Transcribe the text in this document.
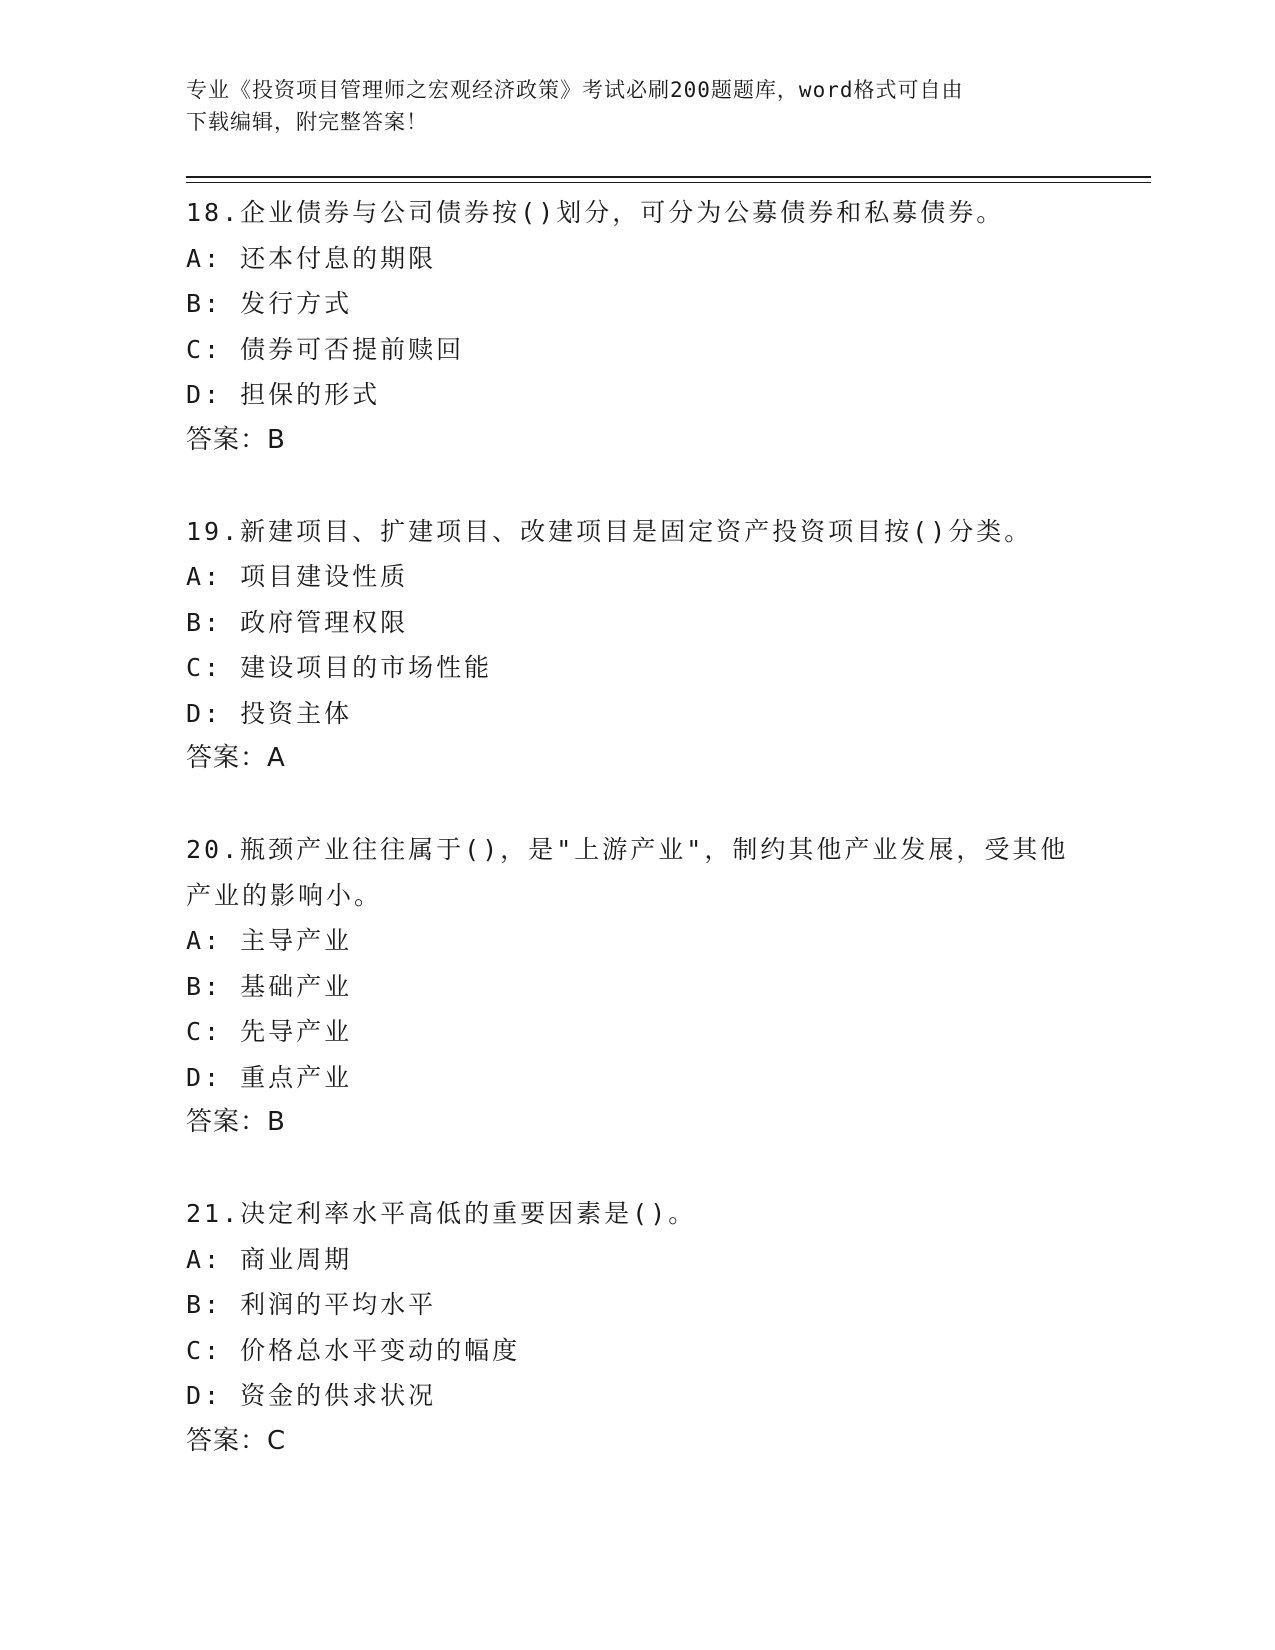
专业《投资项目管理师之宏观经济政策》考试必刷200题题库，word格式可自由
下载编辑，附完整答案！
18.企业债券与公司债券按()划分，可分为公募债券和私募债券。
A: 还本付息的期限
B: 发行方式
C: 债券可否提前赎回
D: 担保的形式
答案：B
19.新建项目、扩建项目、改建项目是固定资产投资项目按()分类。
A: 项目建设性质
B: 政府管理权限
C: 建设项目的市场性能
D: 投资主体
答案：A
20.瓶颈产业往往属于()，是"上游产业"，制约其他产业发展，受其他
产业的影响小。
A: 主导产业
B: 基础产业
C: 先导产业
D: 重点产业
答案：B
21.决定利率水平高低的重要因素是()。
A: 商业周期
B: 利润的平均水平
C: 价格总水平变动的幅度
D: 资金的供求状况
答案：C
